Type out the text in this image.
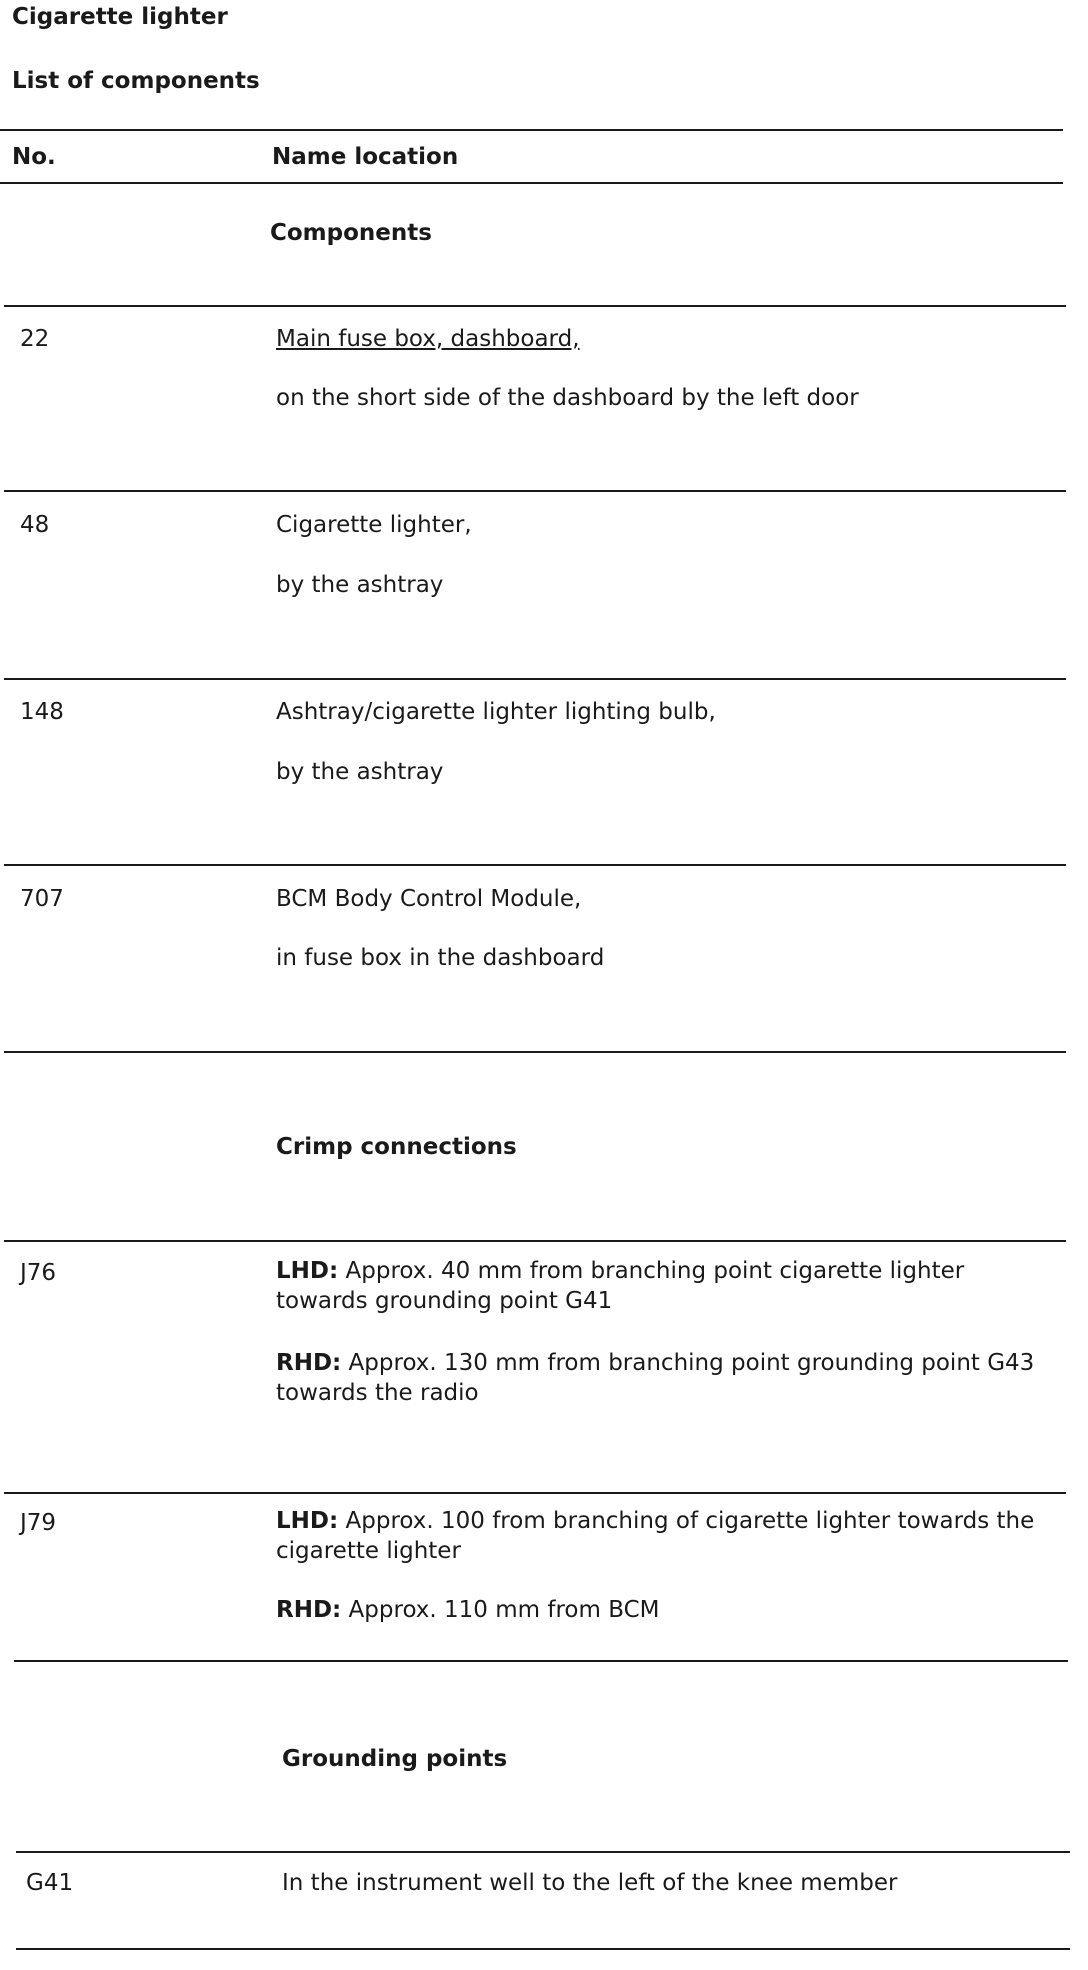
Cigarette lighter
List of components
No.	Name location
Components
22	Main fuse box, dashboard,
on the short side of the dashboard by the left door
48	Cigarette lighter,
by the ashtray
148	Ashtray/cigarette lighter lighting bulb,
by the ashtray
707	BCM Body Control Module,
in fuse box in the dashboard
Crimp connections
J76	LHD: Approx. 40 mm from branching point cigarette lighter towards grounding point G41
RHD: Approx. 130 mm from branching point grounding point G43 towards the radio
J79	LHD: Approx. 100 from branching of cigarette lighter towards the cigarette lighter
RHD: Approx. 110 mm from BCM
Grounding points
G41	In the instrument well to the left of the knee member
